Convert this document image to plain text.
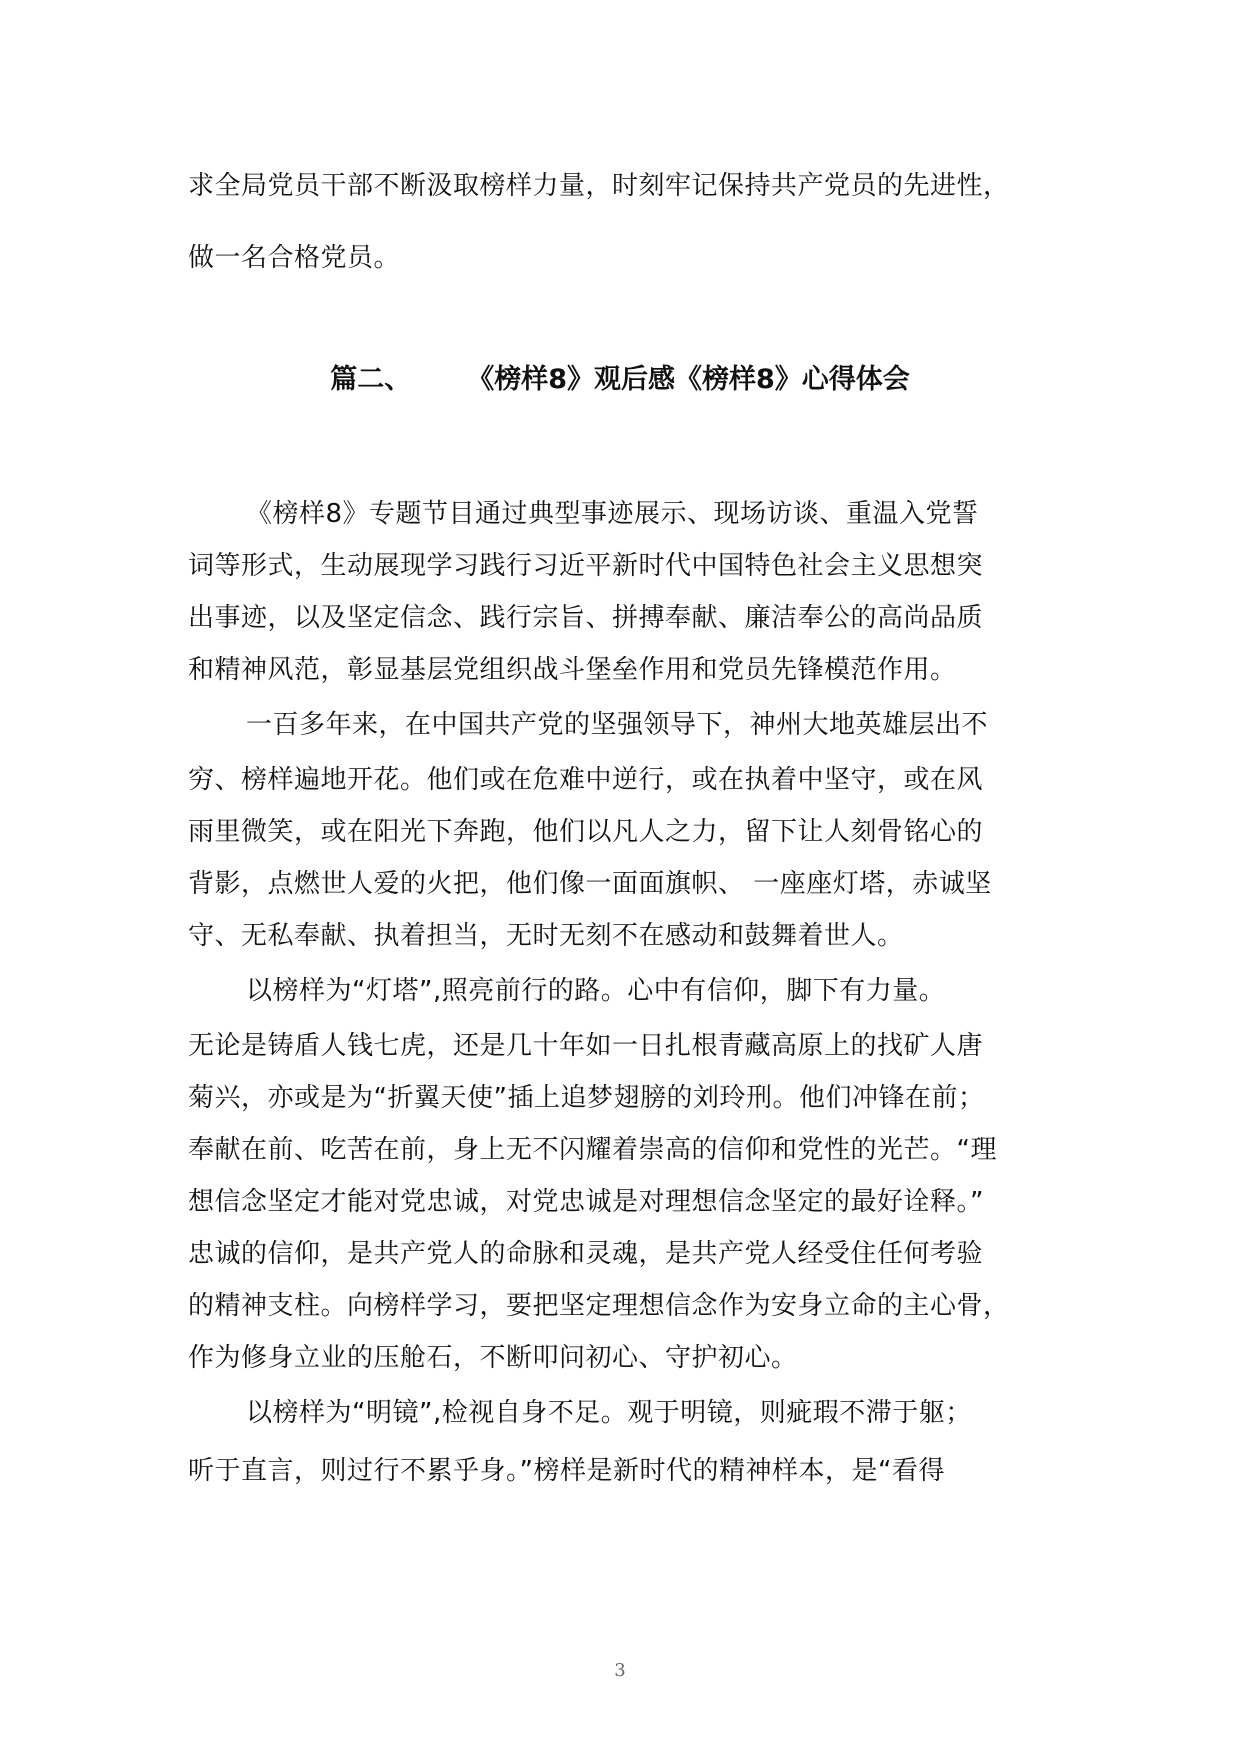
求全局党员干部不断汲取榜样力量，时刻牢记保持共产党员的先进性，
做一名合格党员。
篇二、 《榜样8》观后感《榜样8》心得体会
《榜样8》专题节目通过典型事迹展示、现场访谈、重温入党誓
词等形式，生动展现学习践行习近平新时代中国特色社会主义思想突
出事迹，以及坚定信念、践行宗旨、拼搏奉献、廉洁奉公的高尚品质
和精神风范，彰显基层党组织战斗堡垒作用和党员先锋模范作用。
一百多年来，在中国共产党的坚强领导下，神州大地英雄层出不
穷、榜样遍地开花。他们或在危难中逆行，或在执着中坚守，或在风
雨里微笑，或在阳光下奔跑，他们以凡人之力，留下让人刻骨铭心的
背影，点燃世人爱的火把，他们像一面面旗帜、 一座座灯塔，赤诚坚
守、无私奉献、执着担当，无时无刻不在感动和鼓舞着世人。
以榜样为“灯塔”,照亮前行的路。心中有信仰，脚下有力量。
无论是铸盾人钱七虎，还是几十年如一日扎根青藏高原上的找矿人唐
菊兴，亦或是为“折翼天使”插上追梦翅膀的刘玲刑。他们冲锋在前；
奉献在前、吃苦在前，身上无不闪耀着崇高的信仰和党性的光芒。“理
想信念坚定才能对党忠诚，对党忠诚是对理想信念坚定的最好诠释。”
忠诚的信仰，是共产党人的命脉和灵魂，是共产党人经受住任何考验
的精神支柱。向榜样学习，要把坚定理想信念作为安身立命的主心骨，
作为修身立业的压舱石，不断叩问初心、守护初心。
以榜样为“明镜”,检视自身不足。观于明镜，则疵瑕不滞于躯；
听于直言，则过行不累乎身。”榜样是新时代的精神样本，是“看得
3
